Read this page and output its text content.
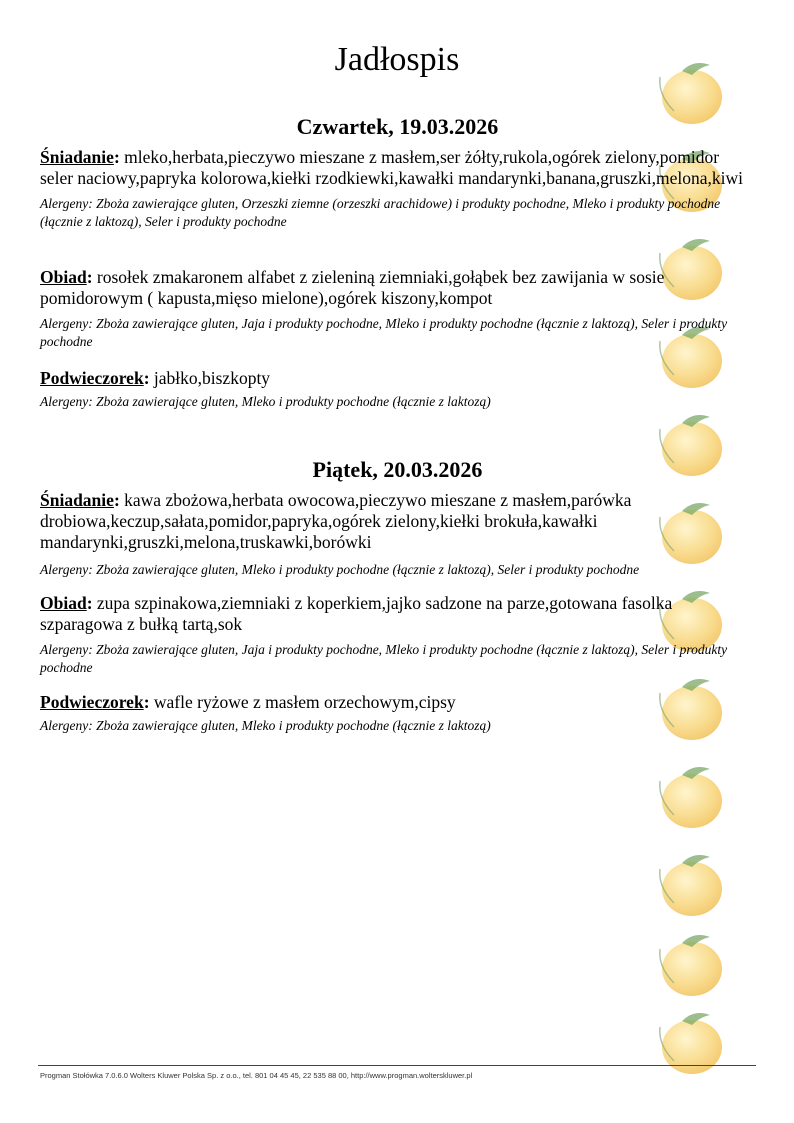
Jadłospis
Czwartek, 19.03.2026
Śniadanie: mleko,herbata,pieczywo mieszane z masłem,ser żółty,rukola,ogórek zielony,pomidor seler naciowy,papryka kolorowa,kiełki rzodkiewki,kawałki mandarynki,banana,gruszki,melona,kiwi
Alergeny: Zboża zawierające gluten, Orzeszki ziemne (orzeszki arachidowe) i produkty pochodne, Mleko i produkty pochodne (łącznie z laktozą), Seler i produkty pochodne
Obiad: rosołek zmakaronem alfabet z zieleniną ziemniaki,gołąbek bez zawijania w sosie pomidorowym ( kapusta,mięso mielone),ogórek kiszony,kompot
Alergeny: Zboża zawierające gluten, Jaja i produkty pochodne, Mleko i produkty pochodne (łącznie z laktozą), Seler i produkty pochodne
Podwieczorek: jabłko,biszkopty
Alergeny: Zboża zawierające gluten, Mleko i produkty pochodne (łącznie z laktozą)
Piątek, 20.03.2026
Śniadanie: kawa zbożowa,herbata owocowa,pieczywo mieszane z masłem,parówka drobiowa,keczup,sałata,pomidor,papryka,ogórek zielony,kiełki brokuła,kawałki mandarynki,gruszki,melona,truskawki,borówki
Alergeny: Zboża zawierające gluten, Mleko i produkty pochodne (łącznie z laktozą), Seler i produkty pochodne
Obiad: zupa szpinakowa,ziemniaki z koperkiem,jajko sadzone na parze,gotowana fasolka szparagowa z bułką tartą,sok
Alergeny: Zboża zawierające gluten, Jaja i produkty pochodne, Mleko i produkty pochodne (łącznie z laktozą), Seler i produkty pochodne
Podwieczorek: wafle ryżowe z masłem orzechowym,cipsy
Alergeny: Zboża zawierające gluten, Mleko i produkty pochodne (łącznie z laktozą)
Progman Stołówka 7.0.6.0 Wolters Kluwer Polska Sp. z o.o., tel. 801 04 45 45, 22 535 88 00, http://www.progman.wolterskluwer.pl
